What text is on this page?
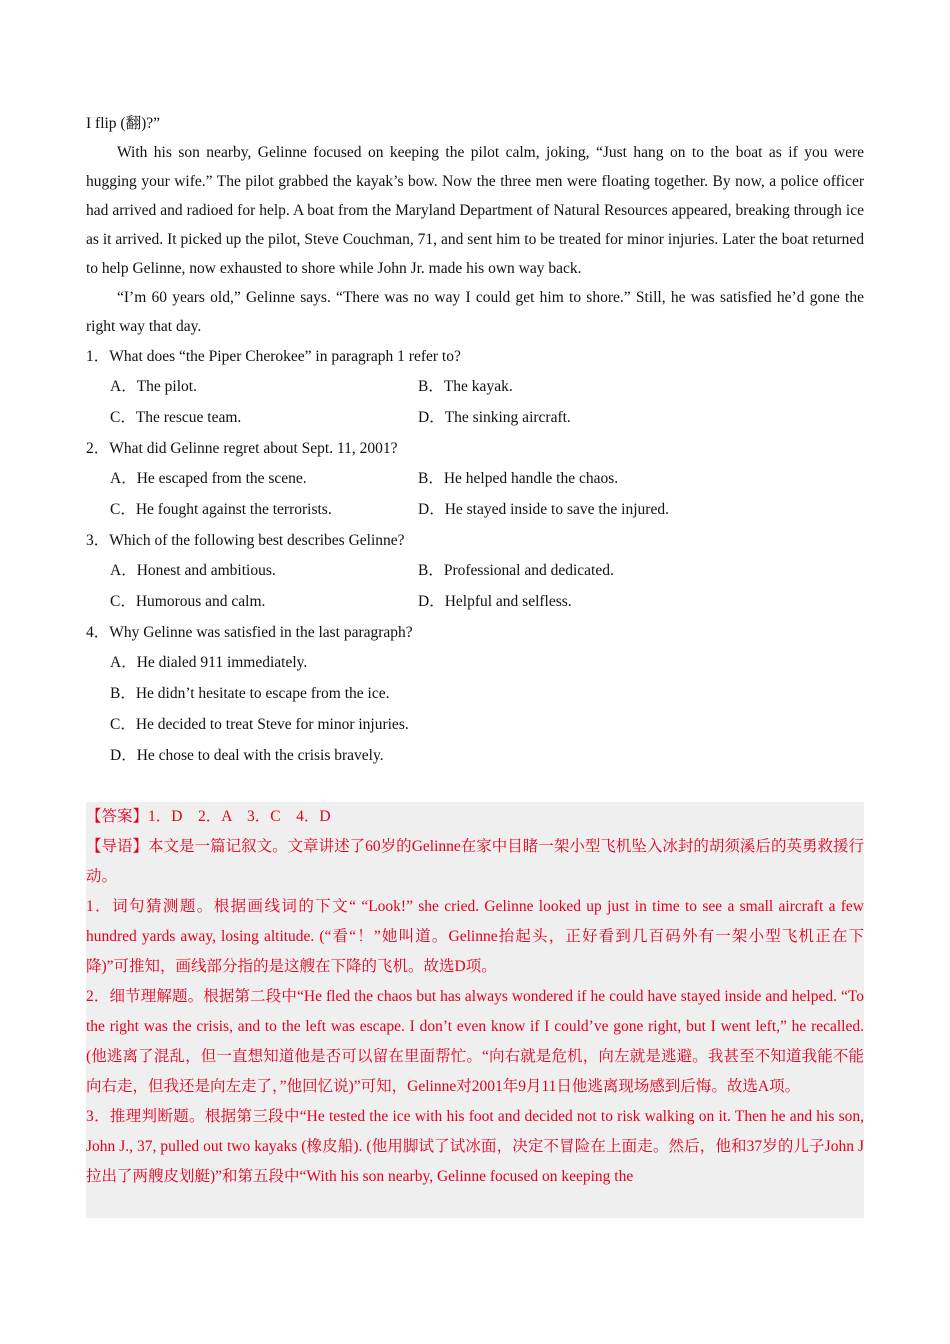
I flip (翻)?”

With his son nearby, Gelinne focused on keeping the pilot calm, joking, “Just hang on to the boat as if you were hugging your wife.” The pilot grabbed the kayak’s bow. Now the three men were floating together. By now, a police officer had arrived and radioed for help. A boat from the Maryland Department of Natural Resources appeared, breaking through ice as it arrived. It picked up the pilot, Steve Couchman, 71, and sent him to be treated for minor injuries. Later the boat returned to help Gelinne, now exhausted to shore while John Jr. made his own way back.

“I’m 60 years old,” Gelinne says. “There was no way I could get him to shore.” Still, he was satisfied he’d gone the right way that day.

1．What does “the Piper Cherokee” in paragraph 1 refer to?
A．The pilot.	B．The kayak.
C．The rescue team.	D．The sinking aircraft.
2．What did Gelinne regret about Sept. 11, 2001?
A．He escaped from the scene.	B．He helped handle the chaos.
C．He fought against the terrorists.	D．He stayed inside to save the injured.
3．Which of the following best describes Gelinne?
A．Honest and ambitious.	B．Professional and dedicated.
C．Humorous and calm.	D．Helpful and selfless.
4．Why Gelinne was satisfied in the last paragraph?
A．He dialed 911 immediately.
B．He didn’t hesitate to escape from the ice.
C．He decided to treat Steve for minor injuries.
D．He chose to deal with the crisis bravely.

【答案】1．D　2．A　3．C　4．D

【导语】本文是一篇记叙文。文章讲述了60岁的Gelinne在家中目睹一架小型飞机坠入冰封的胡须溪后的英勇救援行动。

1．词句猜测题。根据画线词的下文“ “Look!” she cried. Gelinne looked up just in time to see a small aircraft a few hundred yards away, losing altitude. (“看“！”她叫道。Gelinne抬起头，正好看到几百码外有一架小型飞机正在下降)”可推知，画线部分指的是这艘在下降的飞机。故选D项。

2．细节理解题。根据第二段中“He fled the chaos but has always wondered if he could have stayed inside and helped. “To the right was the crisis, and to the left was escape. I don’t even know if I could’ve gone right, but I went left,” he recalled. (他逃离了混乱，但一直想知道他是否可以留在里面帮忙。“向右就是危机，向左就是逃避。我甚至不知道我能不能向右走，但我还是向左走了，”他回忆说)”可知，Gelinne对2001年9月11日他逃离现场感到后悔。故选A项。

3．推理判断题。根据第三段中“He tested the ice with his foot and decided not to risk walking on it. Then he and his son, John J., 37, pulled out two kayaks (橡皮船). (他用脚试了试冰面，决定不冒险在上面走。然后，他和37岁的儿子John J拉出了两艘皮划艇)”和第五段中“With his son nearby, Gelinne focused on keeping the
